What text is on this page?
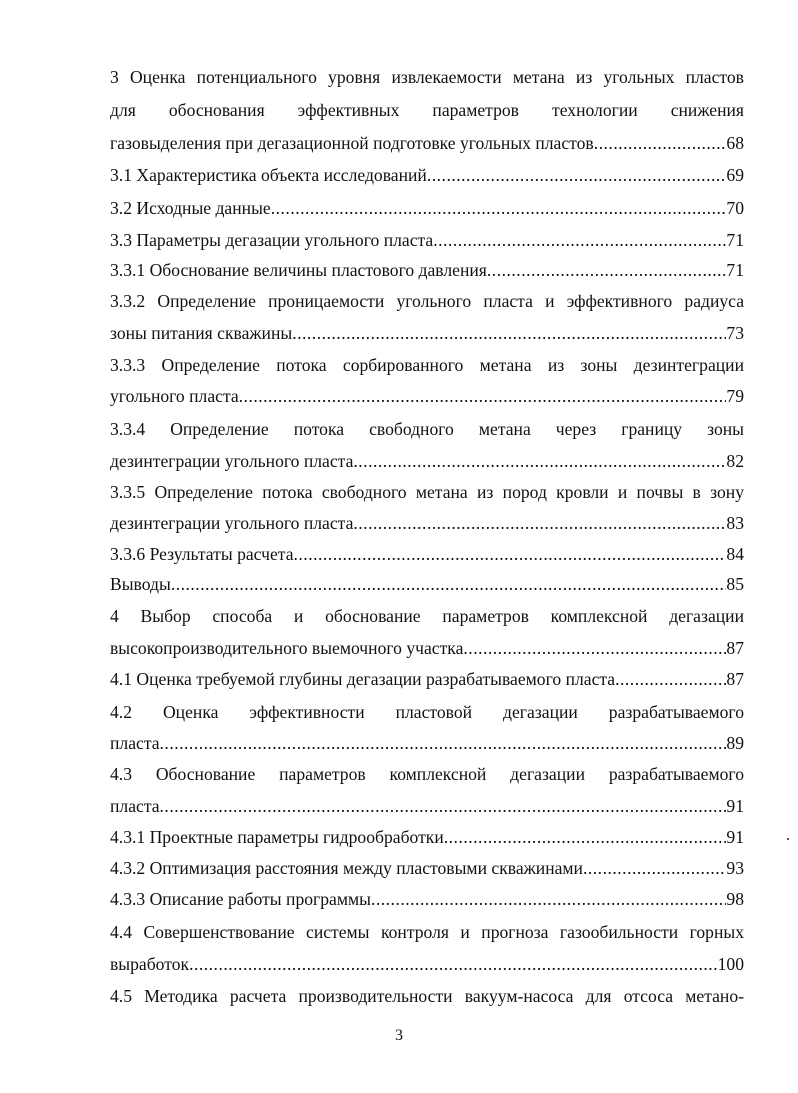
3 Оценка потенциального уровня извлекаемости метана из угольных пластов
для обоснования эффективных параметров технологии снижения
газовыделения при дегазационной подготовке угольных пластов .....	68
3.1 Характеристика объекта исследований .....	69
3.2 Исходные данные .....	70
3.3 Параметры дегазации угольного пласта .....	71
3.3.1 Обоснование величины пластового давления .....	71
3.3.2 Определение проницаемости угольного пласта и эффективного радиуса
зоны питания скважины .....	73
3.3.3 Определение потока сорбированного метана из зоны дезинтеграции
угольного пласта .....	79
3.3.4 Определение потока свободного метана через границу зоны
дезинтеграции угольного пласта .....	82
3.3.5 Определение потока свободного метана из пород кровли и почвы в зону
дезинтеграции угольного пласта .....	83
3.3.6 Результаты расчета .....	84
Выводы .....	85
4 Выбор способа и обоснование параметров комплексной дегазации
высокопроизводительного выемочного участка .....	87
4.1 Оценка требуемой глубины дегазации разрабатываемого пласта .....	87
4.2 Оценка эффективности пластовой дегазации разрабатываемого
пласта .....	89
4.3 Обоснование параметров комплексной дегазации разрабатываемого
пласта .....	91
4.3.1 Проектные параметры гидрообработки .....	91
4.3.2 Оптимизация расстояния между пластовыми скважинами .....	93
4.3.3 Описание работы программы .....	98
4.4 Совершенствование системы контроля и прогноза газообильности горных
выработок .....	100
4.5 Методика расчета производительности вакуум-насоса для отсоса метано-
3
